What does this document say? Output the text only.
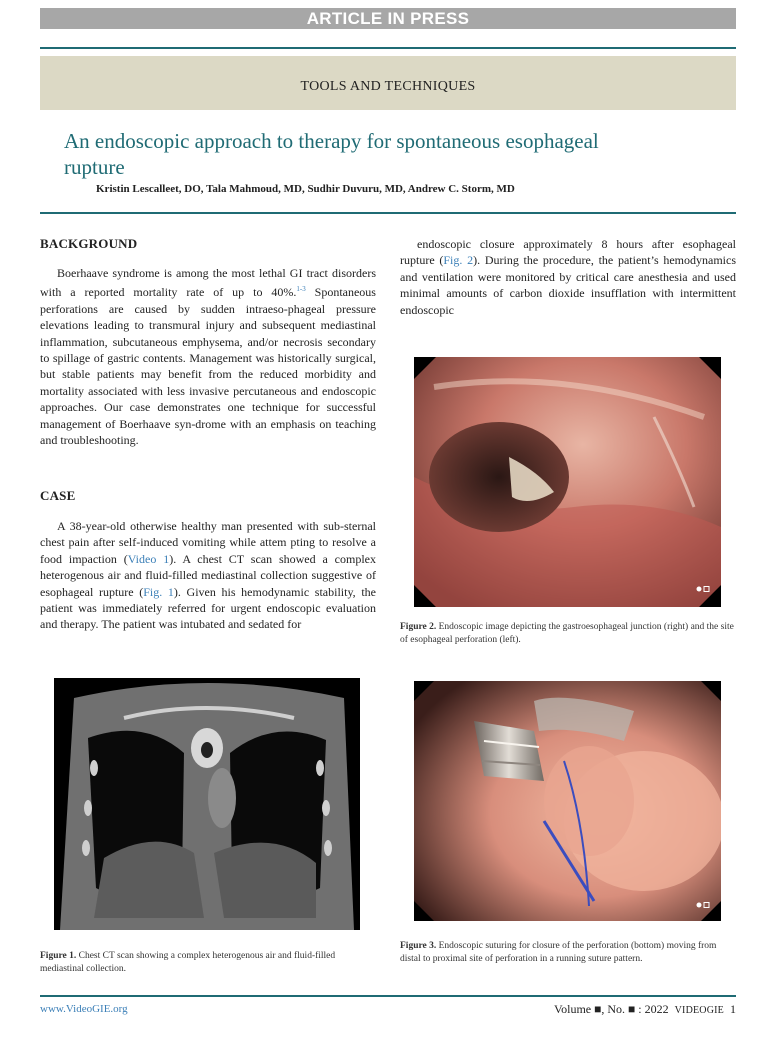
ARTICLE IN PRESS
TOOLS AND TECHNIQUES
An endoscopic approach to therapy for spontaneous esophageal
rupture
Kristin Lescalleet, DO, Tala Mahmoud, MD, Sudhir Duvuru, MD, Andrew C. Storm, MD
BACKGROUND

Boerhaave syndrome is among the most lethal GI tract disorders with a reported mortality rate of up to 40%.$^{1-3}$ Spontaneous perforations are caused by sudden intraeso-phageal pressure elevations leading to transmural injury and subsequent mediastinal inflammation, subcutaneous emphysema, and/or necrosis secondary to spillage of gastric contents. Management was historically surgical, but stable patients may benefit from the reduced morbidity and mortality associated with less invasive percutaneous and endoscopic approaches. Our case demonstrates one technique for successful management of Boerhaave syn-drome with an emphasis on teaching and troubleshooting.

CASE

A 38-year-old otherwise healthy man presented with sub-sternal chest pain after self-induced vomiting while attem pting to resolve a food impaction (Video 1). A chest CT scan showed a complex heterogenous air and fluid-filled mediastinal collection suggestive of esophageal rupture (Fig. 1). Given his hemodynamic stability, the patient was immediately referred for urgent endoscopic evaluation and therapy. The patient was intubated and sedated for

endoscopic closure approximately 8 hours after esophageal rupture (Fig. 2). During the procedure, the patient’s hemodynamics and ventilation were monitored by critical care anesthesia and used minimal amounts of carbon dioxide insufflation with intermittent endoscopic

Figure 2. Endoscopic image depicting the gastroesophageal junction (right) and the site of esophageal perforation (left).
Figure 1. Chest CT scan showing a complex heterogenous air and fluid-filled mediastinal collection.
Figure 3. Endoscopic suturing for closure of the perforation (bottom) moving from distal to proximal site of perforation in a running suture pattern.
www.VideoGIE.org	Volume ■, No. ■ : 2022 VIDEOGIE 1
